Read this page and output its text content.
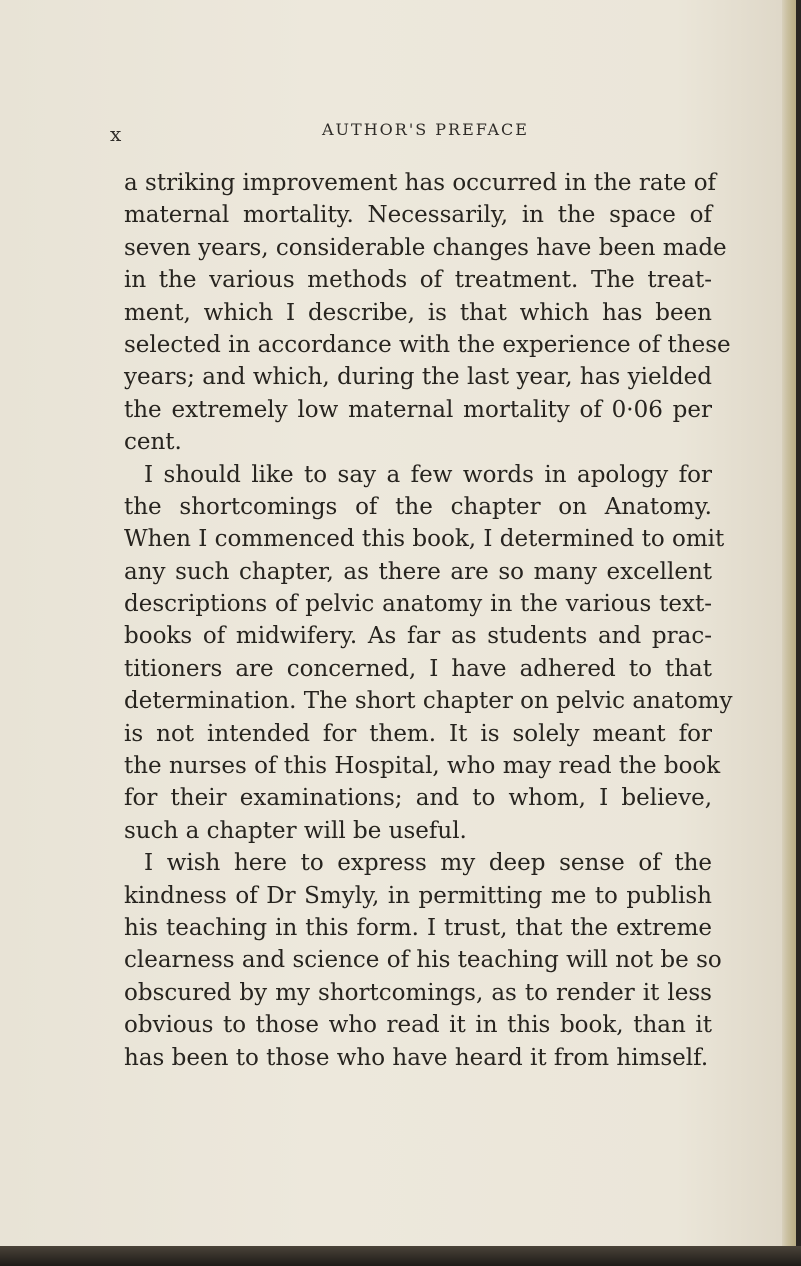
x	AUTHOR'S PREFACE
a striking improvement has occurred in the rate of
maternal mortality. Necessarily, in the space of
seven years, considerable changes have been made
in the various methods of treatment. The treat-
ment, which I describe, is that which has been
selected in accordance with the experience of these
years; and which, during the last year, has yielded
the extremely low maternal mortality of 0·06 per
cent.
I should like to say a few words in apology for
the shortcomings of the chapter on Anatomy.
When I commenced this book, I determined to omit
any such chapter, as there are so many excellent
descriptions of pelvic anatomy in the various text-
books of midwifery. As far as students and prac-
titioners are concerned, I have adhered to that
determination. The short chapter on pelvic anatomy
is not intended for them. It is solely meant for
the nurses of this Hospital, who may read the book
for their examinations; and to whom, I believe,
such a chapter will be useful.
I wish here to express my deep sense of the
kindness of Dr Smyly, in permitting me to publish
his teaching in this form. I trust, that the extreme
clearness and science of his teaching will not be so
obscured by my shortcomings, as to render it less
obvious to those who read it in this book, than it
has been to those who have heard it from himself.
